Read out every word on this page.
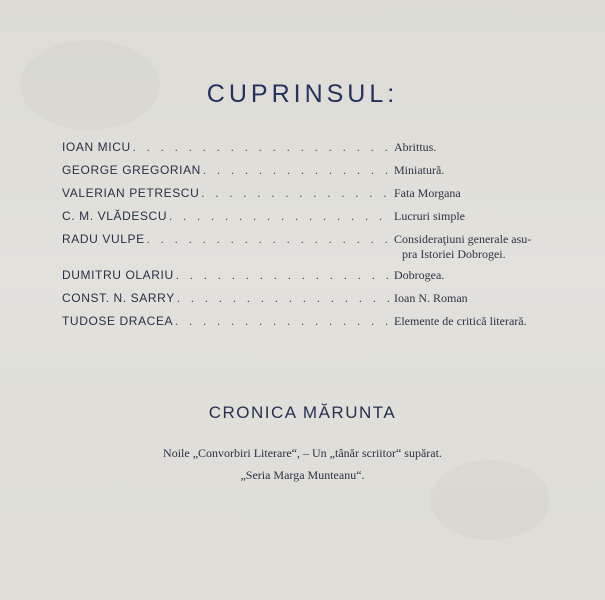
CUPRINSUL:
IOAN MICU . . .	Abrittus.
GEORGE GREGORIAN . . .	Miniatură.
VALERIAN PETRESCU . . .	Fata Morgana
C. M. VLĂDESCU . . .	Lucruri simple
RADU VULPE . . .	Consideraţiuni generale asu-
pra Istoriei Dobrogei.
DUMITRU OLARIU . . .	Dobrogea.
CONST. N. SARRY . . .	Ioan N. Roman
TUDOSE DRACEA . . .	Elemente de critică literară.
CRONICA MĂRUNTA
Noile „Convorbiri Literare“, – Un „tânăr scriitor“ supărat.
„Seria Marga Munteanu“.
